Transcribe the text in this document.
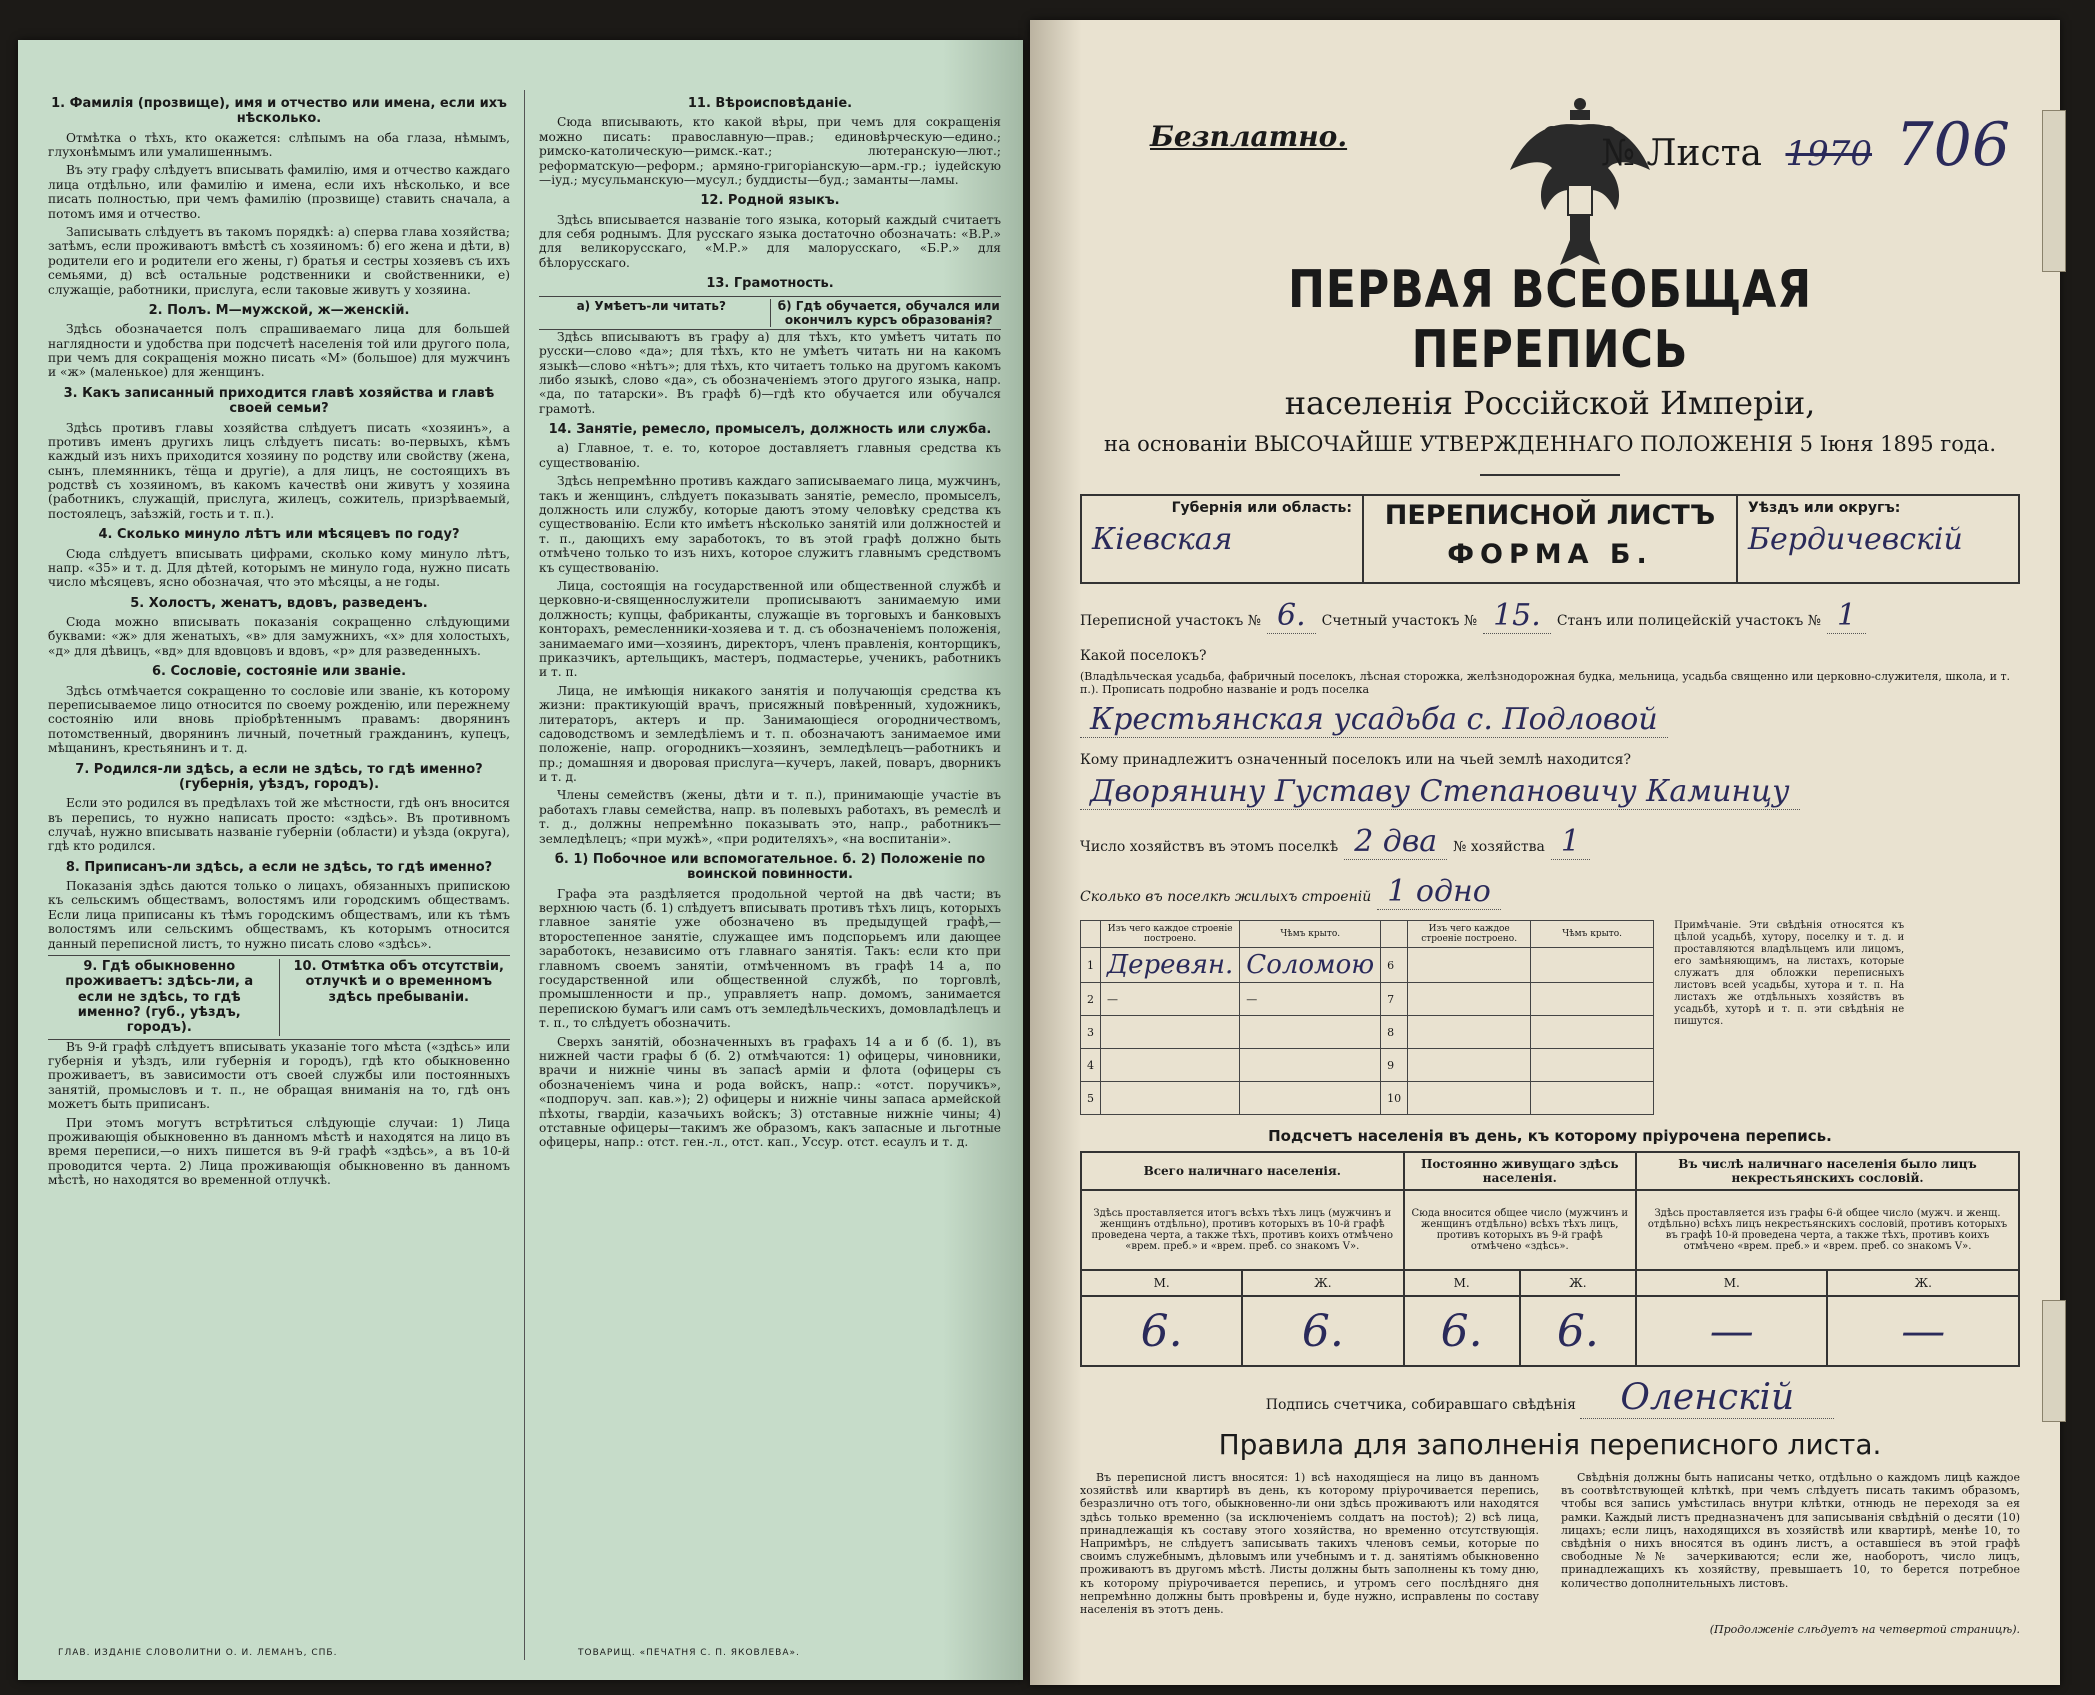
1. Фамилія (прозвище), имя и отчество или имена, если ихъ нѣсколько.

Отмѣтка о тѣхъ, кто окажется: слѣпымъ на оба глаза, нѣмымъ, глухонѣмымъ или умалишеннымъ.

Въ эту графу слѣдуетъ вписывать фамилію, имя и отчество каждаго лица отдѣльно, или фамилію и имена, если ихъ нѣсколько, и все писать полностью, при чемъ фамилію (прозвище) ставить сначала, а потомъ имя и отчество.

Записывать слѣдуетъ въ такомъ порядкѣ: а) сперва глава хозяйства; затѣмъ, если проживаютъ вмѣстѣ съ хозяиномъ: б) его жена и дѣти, в) родители его и родители его жены, г) братья и сестры хозяевъ съ ихъ семьями, д) всѣ остальные родственники и свойственники, е) служащіе, работники, прислуга, если таковые живутъ у хозяина.

2. Полъ. М—мужской, ж—женскій.

Здѣсь обозначается полъ спрашиваемаго лица для большей наглядности и удобства при подсчетѣ населенія той или другого пола, при чемъ для сокращенія можно писать «М» (большое) для мужчинъ и «ж» (маленькое) для женщинъ.

3. Какъ записанный приходится главѣ хозяйства и главѣ своей семьи?

Здѣсь противъ главы хозяйства слѣдуетъ писать «хозяинъ», а противъ именъ другихъ лицъ слѣдуетъ писать: во-первыхъ, кѣмъ каждый изъ нихъ приходится хозяину по родству или свойству (жена, сынъ, племянникъ, тёща и другіе), а для лицъ, не состоящихъ въ родствѣ съ хозяиномъ, въ какомъ качествѣ они живутъ у хозяина (работникъ, служащій, прислуга, жилецъ, сожитель, призрѣваемый, постоялецъ, заѣзжій, гость и т. п.).

4. Сколько минуло лѣтъ или мѣсяцевъ по году?

Сюда слѣдуетъ вписывать цифрами, сколько кому минуло лѣтъ, напр. «35» и т. д. Для дѣтей, которымъ не минуло года, нужно писать число мѣсяцевъ, ясно обозначая, что это мѣсяцы, а не годы.

5. Холостъ, женатъ, вдовъ, разведенъ.

Сюда можно вписывать показанія сокращенно слѣдующими буквами: «ж» для женатыхъ, «в» для замужнихъ, «х» для холостыхъ, «д» для дѣвицъ, «вд» для вдовцовъ и вдовъ, «р» для разведенныхъ.

6. Сословіе, состояніе или званіе.

Здѣсь отмѣчается сокращенно то сословіе или званіе, къ которому переписываемое лицо относится по своему рожденію, или пережнему состоянію или вновь пріобрѣтеннымъ правамъ: дворянинъ потомственный, дворянинъ личный, почетный гражданинъ, купецъ, мѣщанинъ, крестьянинъ и т. д.

7. Родился-ли здѣсь, а если не здѣсь, то гдѣ именно? (губернія, уѣздъ, городъ).

Если это родился въ предѣлахъ той же мѣстности, гдѣ онъ вносится въ перепись, то нужно написать просто: «здѣсь». Въ противномъ случаѣ, нужно вписывать названіе губерніи (области) и уѣзда (округа), гдѣ кто родился.

8. Приписанъ-ли здѣсь, а если не здѣсь, то гдѣ именно?

Показанія здѣсь даются только о лицахъ, обязанныхъ припискою къ сельскимъ обществамъ, волостямъ или городскимъ обществамъ. Если лица приписаны къ тѣмъ городскимъ обществамъ, или къ тѣмъ волостямъ или сельскимъ обществамъ, къ которымъ относится данный переписной листъ, то нужно писать слово «здѣсь».

9. Гдѣ обыкновенно проживаетъ: здѣсь-ли, а если не здѣсь, то гдѣ именно? (губ., уѣздъ, городъ).
10. Отмѣтка объ отсутствіи, отлучкѣ и о временномъ здѣсь пребываніи.

Въ 9-й графѣ слѣдуетъ вписывать указаніе того мѣста («здѣсь» или губернія и уѣздъ, или губернія и городъ), гдѣ кто обыкновенно проживаетъ, въ зависимости отъ своей службы или постоянныхъ занятій, промысловъ и т. п., не обращая вниманія на то, гдѣ онъ можетъ быть приписанъ.

При этомъ могутъ встрѣтиться слѣдующіе случаи: 1) Лица проживающія обыкновенно въ данномъ мѣстѣ и находятся на лицо въ время переписи,—о нихъ пишется въ 9-й графѣ «здѣсь», а въ 10-й проводится черта. 2) Лица проживающія обыкновенно въ данномъ мѣстѣ, но находятся во временной отлучкѣ.

11. Вѣроисповѣданіе.

Сюда вписывають, кто какой вѣры, при чемъ для сокращенія можно писать: православную—прав.; единовѣрческую—едино.; римско-католическую—римск.-кат.; лютеранскую—лют.; реформатскую—реформ.; армяно-григоріанскую—арм.-гр.; іудейскую—іуд.; мусульманскую—мусул.; буддисты—буд.; заманты—ламы.

12. Родной языкъ.

Здѣсь вписывается названіе того языка, который каждый считаетъ для себя роднымъ. Для русскаго языка достаточно обозначать: «В.Р.» для великорусскаго, «М.Р.» для малорусскаго, «Б.Р.» для бѣлорусскаго.

13. Грамотность.
а) Умѣетъ-ли читать?	б) Гдѣ обучается, обучался или окончилъ курсъ образованія?

Здѣсь вписываютъ въ графу а) для тѣхъ, кто умѣетъ читать по русски—слово «да»; для тѣхъ, кто не умѣетъ читать ни на какомъ языкѣ—слово «нѣтъ»; для тѣхъ, кто читаетъ только на другомъ какомъ либо языкѣ, слово «да», съ обозначеніемъ этого другого языка, напр. «да, по татарски». Въ графѣ б)—гдѣ кто обучается или обучался грамотѣ.

14. Занятіе, ремесло, промыселъ, должность или служба.

а) Главное, т. е. то, которое доставляетъ главныя средства къ существованію.

Здѣсь непремѣнно противъ каждаго записываемаго лица, мужчинъ, такъ и женщинъ, слѣдуетъ показывать занятіе, ремесло, промыселъ, должность или службу, которые даютъ этому человѣку средства къ существованію. Если кто имѣетъ нѣсколько занятій или должностей и т. п., дающихъ ему заработокъ, то въ этой графѣ должно быть отмѣчено только то изъ нихъ, которое служитъ главнымъ средствомъ къ существованію.

Лица, состоящія на государственной или общественной службѣ и церковно-и-священнослужители прописываютъ занимаемую ими должность; купцы, фабриканты, служащіе въ торговыхъ и банковыхъ конторахъ, ремесленники-хозяева и т. д. съ обозначеніемъ положенія, занимаемаго ими—хозяинъ, директоръ, членъ правленія, конторщикъ, приказчикъ, артельщикъ, мастеръ, подмастерье, ученикъ, работникъ и т. п.

Лица, не имѣющія никакого занятія и получающія средства къ жизни: практикующій врачъ, присяжный повѣренный, художникъ, литераторъ, актеръ и пр. Занимающіеся огородничествомъ, садоводствомъ и земледѣліемъ и т. п. обозначаютъ занимаемое ими положеніе, напр. огородникъ—хозяинъ, земледѣлецъ—работникъ и пр.; домашняя и дворовая прислуга—кучеръ, лакей, поваръ, дворникъ и т. д.

Члены семействъ (жены, дѣти и т. п.), принимающіе участіе въ работахъ главы семейства, напр. въ полевыхъ работахъ, въ ремеслѣ и т. д., должны непремѣнно показывать это, напр., работникъ—земледѣлецъ; «при мужѣ», «при родителяхъ», «на воспитаніи».

б. 1) Побочное или вспомогательное. б. 2) Положеніе по воинской повинности.

Графа эта раздѣляется продольной чертой на двѣ части; въ верхнюю часть (б. 1) слѣдуетъ вписывать противъ тѣхъ лицъ, которыхъ главное занятіе уже обозначено въ предыдущей графѣ,—второстепенное занятіе, служащее имъ подспорьемъ или дающее заработокъ, независимо отъ главнаго занятія. Такъ: если кто при главномъ своемъ занятіи, отмѣченномъ въ графѣ 14 а, по государственной или общественной службѣ, по торговлѣ, промышленности и пр., управляетъ напр. домомъ, занимается перепискою бумагъ или самъ отъ земледѣльческихъ, домовладѣлецъ и т. п., то слѣдуетъ обозначить.

Сверхъ занятій, обозначенныхъ въ графахъ 14 а и б (б. 1), въ нижней части графы б (б. 2) отмѣчаются: 1) офицеры, чиновники, врачи и нижніе чины въ запасѣ арміи и флота (офицеры съ обозначеніемъ чина и рода войскъ, напр.: «отст. поручикъ», «подпоруч. зап. кав.»); 2) офицеры и нижніе чины запаса армейской пѣхоты, гвардіи, казачьихъ войскъ; 3) отставные нижніе чины; 4) отставные офицеры—такимъ же образомъ, какъ запасные и льготные офицеры, напр.: отст. ген.-л., отст. кап., Уссур. отст. есаулъ и т. д.

ГЛАВ. ИЗДАНІЕ СЛОВОЛИТНИ О. И. ЛЕМАНЪ, СПБ.	ТОВАРИЩ. «ПЕЧАТНЯ С. П. ЯКОВЛЕВА».
Безплатно.	№ Листа 1970 706
ПЕРВАЯ ВСЕОБЩАЯ ПЕРЕПИСЬ
населенія Россійской Имперіи,
на основаніи ВЫСОЧАЙШЕ УТВЕРЖДЕННАГО ПОЛОЖЕНІЯ 5 Іюня 1895 года.
Губернія или область:
Кіевская
ПЕРЕПИСНОЙ ЛИСТЪ
ФОРМА Б.
Уѣздъ или округъ:
Бердичевскій
Переписной участокъ № 6.	Счетный участокъ № 15.	Станъ или полицейскій участокъ № 1
Какой поселокъ?
(Владѣльческая усадьба, фабричный поселокъ, лѣсная сторожка, желѣзнодорожная будка, мельница, усадьба священно или церковно-служителя, школа, и т. п.). Прописать подробно названіе и родъ поселка
Крестьянская усадьба с. Подловой
Кому принадлежитъ означенный поселокъ или на чьей землѣ находится?
Дворянину Густаву Степановичу Каминцу
Число хозяйствъ въ этомъ поселкѣ 2 два	№ хозяйства 1
Сколько въ поселкѣ жилыхъ строеній 1 одно
	Изъ чего каждое строеніе построено.	Чѣмъ крыто.		Изъ чего каждое строеніе построено.	Чѣмъ крыто.
1	Деревян.	Соломою	6		
2	—	—	7		
3			8		
4			9		
5			10		
Примѣчаніе. Эти свѣдѣнія относятся къ цѣлой усадьбѣ, хутору, поселку и т. д. и проставляются владѣльцемъ или лицомъ, его замѣняющимъ, на листахъ, которые служатъ для обложки переписныхъ листовъ всей усадьбы, хутора и т. п. На листахъ же отдѣльныхъ хозяйствъ въ усадьбѣ, хуторѣ и т. п. эти свѣдѣнія не пишутся.
Подсчетъ населенія въ день, къ которому пріурочена перепись.
Всего наличнаго населенія.		Постоянно живущаго здѣсь населенія.		Въ числѣ наличнаго населенія было лицъ некрестьянскихъ сословій.	
Здѣсь проставляется итогъ всѣхъ тѣхъ лицъ (мужчинъ и женщинъ отдѣльно), противъ которыхъ въ 10-й графѣ проведена черта, а также тѣхъ, противъ коихъ отмѣчено «врем. преб.» и «врем. преб. со знакомъ V».		Сюда вносится общее число (мужчинъ и женщинъ отдѣльно) всѣхъ тѣхъ лицъ, противъ которыхъ въ 9-й графѣ отмѣчено «здѣсь».		Здѣсь проставляется изъ графы 6-й общее число (мужч. и женщ. отдѣльно) всѣхъ лицъ некрестьянскихъ сословій, противъ которыхъ въ графѣ 10-й проведена черта, а также тѣхъ, противъ коихъ отмѣчено «врем. преб.» и «врем. преб. со знакомъ V».	
М.	Ж.	М.	Ж.	М.	Ж.
6.	6.	6.	6.	—	—
Подпись счетчика, собиравшаго свѣдѣнія Оленскій
Правила для заполненія переписного листа.

Въ переписной листъ вносятся: 1) всѣ находящіеся на лицо въ данномъ хозяйствѣ или квартирѣ въ день, къ которому пріурочивается перепись, безразлично отъ того, обыкновенно-ли они здѣсь проживаютъ или находятся здѣсь только временно (за исключеніемъ солдатъ на постоѣ); 2) всѣ лица, принадлежащія къ составу этого хозяйства, но временно отсутствующія. Напримѣръ, не слѣдуетъ записывать такихъ членовъ семьи, которые по своимъ служебнымъ, дѣловымъ или учебнымъ и т. д. занятіямъ обыкновенно проживаютъ въ другомъ мѣстѣ. Листы должны быть заполнены къ тому дню, къ которому пріурочивается перепись, и утромъ сего послѣдняго дня непремѣнно должны быть провѣрены и, буде нужно, исправлены по составу населенія въ этотъ день.

Свѣдѣнія должны быть написаны четко, отдѣльно о каждомъ лицѣ каждое въ соотвѣтствующей клѣткѣ, при чемъ слѣдуетъ писать такимъ образомъ, чтобы вся запись умѣстилась внутри клѣтки, отнюдь не переходя за ея рамки. Каждый листъ предназначенъ для записыванія свѣдѣній о десяти (10) лицахъ; если лицъ, находящихся въ хозяйствѣ или квартирѣ, менѣе 10, то свѣдѣнія о нихъ вносятся въ одинъ листъ, а оставшіеся въ этой графѣ свободные №№ зачеркиваются; если же, наоборотъ, число лицъ, принадлежащихъ къ хозяйству, превышаетъ 10, то берется потребное количество дополнительныхъ листовъ.

(Продолженіе слѣдуетъ на четвертой страницѣ).
